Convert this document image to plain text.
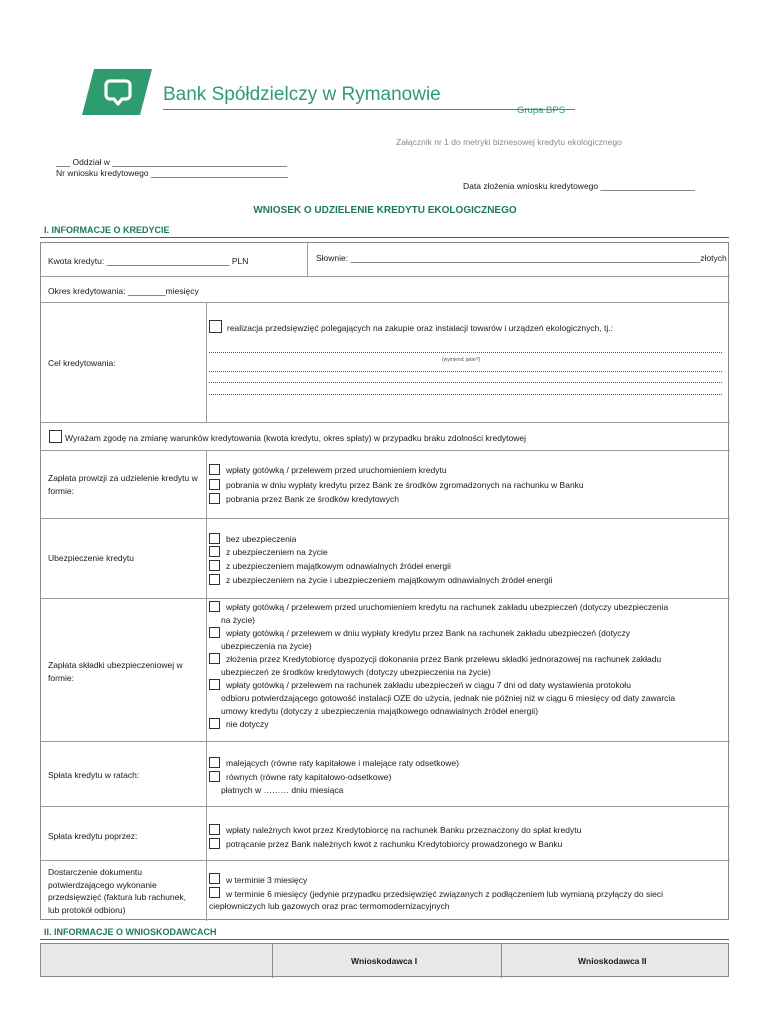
Bank Spółdzielczy w Rymanowie
Grupa BPS
Załącznik nr 1 do metryki biznesowej kredytu ekologicznego
___ Oddział w _____________________________________
Nr wniosku kredytowego _____________________________
Data złożenia wniosku kredytowego ____________________
WNIOSEK O UDZIELENIE KREDYTU EKOLOGICZNEGO
I. INFORMACJE O KREDYCIE
Kwota kredytu: __________________________ PLN	Słownie: __________________________________________________________________________złotych
Okres kredytowania: ________miesięcy
Cel kredytowania:
realizacja przedsięwzięć polegających na zakupie oraz instalacji towarów i urządzeń ekologicznych, tj.:
(wymienić jakie?)
Wyrażam zgodę na zmianę warunków kredytowania (kwota kredytu, okres spłaty) w przypadku braku zdolności kredytowej
Zapłata prowizji za udzielenie kredytu w formie:
wpłaty gotówką / przelewem przed uruchomieniem kredytu
pobrania w dniu wypłaty kredytu przez Bank ze środków zgromadzonych na rachunku w Banku
pobrania przez Bank ze środków kredytowych
Ubezpieczenie kredytu
bez ubezpieczenia
z ubezpieczeniem na życie
z ubezpieczeniem majątkowym odnawialnych źródeł energii
z ubezpieczeniem na życie i ubezpieczeniem majątkowym odnawialnych źródeł energii
Zapłata składki ubezpieczeniowej w formie:
wpłaty gotówką / przelewem przed uruchomieniem kredytu na rachunek zakładu ubezpieczeń (dotyczy ubezpieczenia
na życie)
wpłaty gotówką / przelewem w dniu wypłaty kredytu przez Bank na rachunek zakładu ubezpieczeń (dotyczy
ubezpieczenia na życie)
złożenia przez Kredytobiorcę dyspozycji dokonania przez Bank przelewu składki jednorazowej na rachunek zakładu
ubezpieczeń ze środków kredytowych (dotyczy ubezpieczenia na życie)
wpłaty gotówką / przelewem na rachunek zakładu ubezpieczeń w ciągu 7 dni od daty wystawienia protokołu
odbioru potwierdzającego gotowość instalacji OZE do użycia, jednak nie później niż w ciągu 6 miesięcy od daty zawarcia
umowy kredytu (dotyczy z ubezpieczenia majątkowego odnawialnych źródeł energii)
nie dotyczy
Spłata kredytu w ratach:
malejących (równe raty kapitałowe i malejące raty odsetkowe)
równych (równe raty kapitałowo-odsetkowe)
płatnych w ……… dniu miesiąca
Spłata kredytu poprzez:
wpłaty należnych kwot przez Kredytobiorcę na rachunek Banku przeznaczony do spłat kredytu
potrącanie przez Bank należnych kwot z rachunku Kredytobiorcy prowadzonego w Banku
Dostarczenie dokumentu potwierdzającego wykonanie przedsięwzięć (faktura lub rachunek, lub protokół odbioru)
w terminie 3 miesięcy
w terminie 6 miesięcy (jedynie przypadku przedsięwzięć związanych z podłączeniem lub wymianą przyłączy do sieci
ciepłowniczych lub gazowych oraz prac termomodernizacyjnych
II. INFORMACJE O WNIOSKODAWCACH
Wnioskodawca I	Wnioskodawca II
